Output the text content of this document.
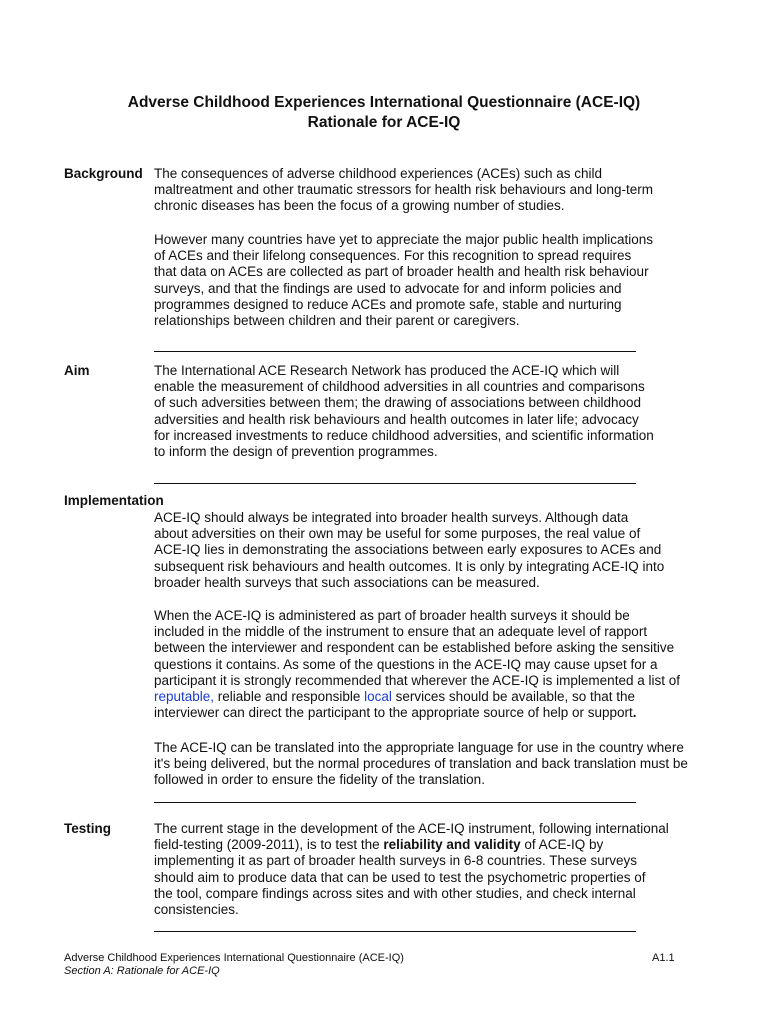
Adverse Childhood Experiences International Questionnaire (ACE-IQ)
Rationale for ACE-IQ
Background The consequences of adverse childhood experiences (ACEs) such as child
maltreatment and other traumatic stressors for health risk behaviours and long-term
chronic diseases has been the focus of a growing number of studies.
However many countries have yet to appreciate the major public health implications
of ACEs and their lifelong consequences. For this recognition to spread requires
that data on ACEs are collected as part of broader health and health risk behaviour
surveys, and that the findings are used to advocate for and inform policies and
programmes designed to reduce ACEs and promote safe, stable and nurturing
relationships between children and their parent or caregivers.
Aim	The International ACE Research Network has produced the ACE-IQ which will
enable the measurement of childhood adversities in all countries and comparisons
of such adversities between them; the drawing of associations between childhood
adversities and health risk behaviours and health outcomes in later life; advocacy
for increased investments to reduce childhood adversities, and scientific information
to inform the design of prevention programmes.
Implementation
ACE-IQ should always be integrated into broader health surveys. Although data
about adversities on their own may be useful for some purposes, the real value of
ACE-IQ lies in demonstrating the associations between early exposures to ACEs and
subsequent risk behaviours and health outcomes. It is only by integrating ACE-IQ into
broader health surveys that such associations can be measured.
When the ACE-IQ is administered as part of broader health surveys it should be
included in the middle of the instrument to ensure that an adequate level of rapport
between the interviewer and respondent can be established before asking the sensitive
questions it contains. As some of the questions in the ACE-IQ may cause upset for a
participant it is strongly recommended that wherever the ACE-IQ is implemented a list of
reputable, reliable and responsible local services should be available, so that the
interviewer can direct the participant to the appropriate source of help or support.
The ACE-IQ can be translated into the appropriate language for use in the country where
it's being delivered, but the normal procedures of translation and back translation must be
followed in order to ensure the fidelity of the translation.
Testing	The current stage in the development of the ACE-IQ instrument, following international
field-testing (2009-2011), is to test the reliability and validity of ACE-IQ by
implementing it as part of broader health surveys in 6-8 countries. These surveys
should aim to produce data that can be used to test the psychometric properties of
the tool, compare findings across sites and with other studies, and check internal
consistencies.
Adverse Childhood Experiences International Questionnaire (ACE-IQ)
Section A: Rationale for ACE-IQ
A1.1
